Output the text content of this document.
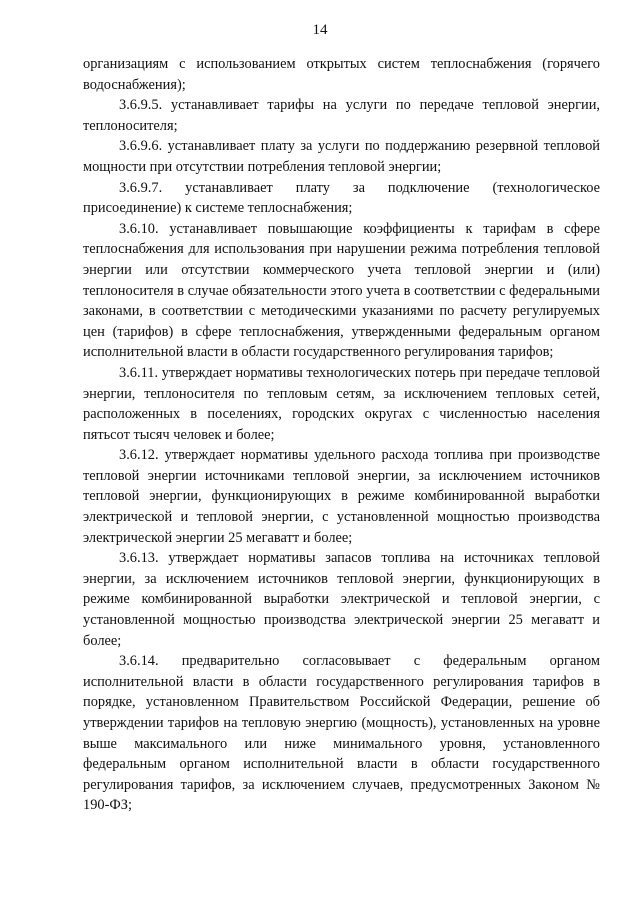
14

организациям с использованием открытых систем теплоснабжения (горячего водоснабжения);

3.6.9.5. устанавливает тарифы на услуги по передаче тепловой энергии, теплоносителя;

3.6.9.6. устанавливает плату за услуги по поддержанию резервной тепловой мощности при отсутствии потребления тепловой энергии;

3.6.9.7. устанавливает плату за подключение (технологическое присоединение) к системе теплоснабжения;

3.6.10. устанавливает повышающие коэффициенты к тарифам в сфере теплоснабжения для использования при нарушении режима потребления тепловой энергии или отсутствии коммерческого учета тепловой энергии и (или) теплоносителя в случае обязательности этого учета в соответствии с федеральными законами, в соответствии с методическими указаниями по расчету регулируемых цен (тарифов) в сфере теплоснабжения, утвержденными федеральным органом исполнительной власти в области государственного регулирования тарифов;

3.6.11. утверждает нормативы технологических потерь при передаче тепловой энергии, теплоносителя по тепловым сетям, за исключением тепловых сетей, расположенных в поселениях, городских округах с численностью населения пятьсот тысяч человек и более;

3.6.12. утверждает нормативы удельного расхода топлива при производстве тепловой энергии источниками тепловой энергии, за исключением источников тепловой энергии, функционирующих в режиме комбинированной выработки электрической и тепловой энергии, с установленной мощностью производства электрической энергии 25 мегаватт и более;

3.6.13. утверждает нормативы запасов топлива на источниках тепловой энергии, за исключением источников тепловой энергии, функционирующих в режиме комбинированной выработки электрической и тепловой энергии, с установленной мощностью производства электрической энергии 25 мегаватт и более;

3.6.14. предварительно согласовывает с федеральным органом исполнительной власти в области государственного регулирования тарифов в порядке, установленном Правительством Российской Федерации, решение об утверждении тарифов на тепловую энергию (мощность), установленных на уровне выше максимального или ниже минимального уровня, установленного федеральным органом исполнительной власти в области государственного регулирования тарифов, за исключением случаев, предусмотренных Законом № 190-ФЗ;
